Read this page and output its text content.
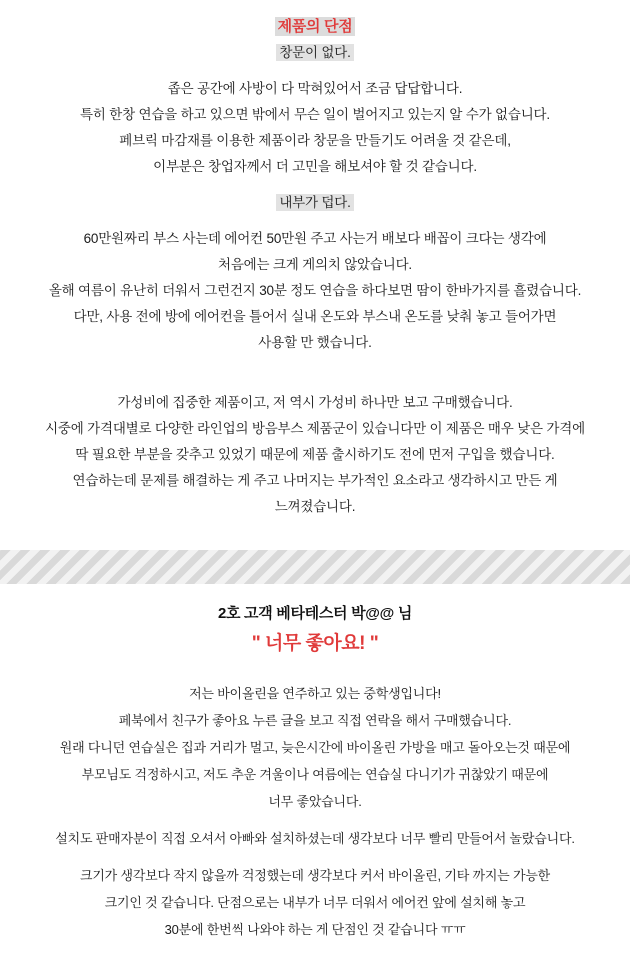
제품의 단점
창문이 없다.
좁은 공간에 사방이 다 막혀있어서 조금 답답합니다.
특히 한창 연습을 하고 있으면 밖에서 무슨 일이 벌어지고 있는지 알 수가 없습니다.
페브릭 마감재를 이용한 제품이라 창문을 만들기도 어려울 것 같은데,
이부분은 창업자께서 더 고민을 해보셔야 할 것 같습니다.
내부가 덥다.
60만원짜리 부스 사는데 에어컨 50만원 주고 사는거 배보다 배꼽이 크다는 생각에
처음에는 크게 게의치 않았습니다.
올해 여름이 유난히 더워서 그런건지 30분 정도 연습을 하다보면 땀이 한바가지를 흘렸습니다.
다만, 사용 전에 방에 에어컨을 틀어서 실내 온도와 부스내 온도를 낮춰 놓고 들어가면
사용할 만 했습니다.
가성비에 집중한 제품이고, 저 역시 가성비 하나만 보고 구매했습니다.
시중에 가격대별로 다양한 라인업의 방음부스 제품군이 있습니다만 이 제품은 매우 낮은 가격에
딱 필요한 부분을 갖추고 있었기 때문에 제품 출시하기도 전에 먼저 구입을 했습니다.
연습하는데 문제를 해결하는 게 주고 나머지는 부가적인 요소라고 생각하시고 만든 게
느껴졌습니다.
2호 고객 베타테스터 박@@ 님
" 너무 좋아요! "
저는 바이올린을 연주하고 있는 중학생입니다!
페북에서 친구가 좋아요 누른 글을 보고 직접 연락을 해서 구매했습니다.
원래 다니던 연습실은 집과 거리가 멀고, 늦은시간에 바이올린 가방을 매고 돌아오는것 때문에
부모님도 걱정하시고, 저도 추운 겨울이나 여름에는 연습실 다니기가 귀찮았기 때문에
너무 좋았습니다.
설치도 판매자분이 직접 오셔서 아빠와 설치하셨는데 생각보다 너무 빨리 만들어서 놀랐습니다.
크기가 생각보다 작지 않을까 걱정했는데 생각보다 커서 바이올린, 기타 까지는 가능한
크기인 것 같습니다. 단점으로는 내부가 너무 더워서 에어컨 앞에 설치해 놓고
30분에 한번씩 나와야 하는 게 단점인 것 같습니다 ㅠㅠ
